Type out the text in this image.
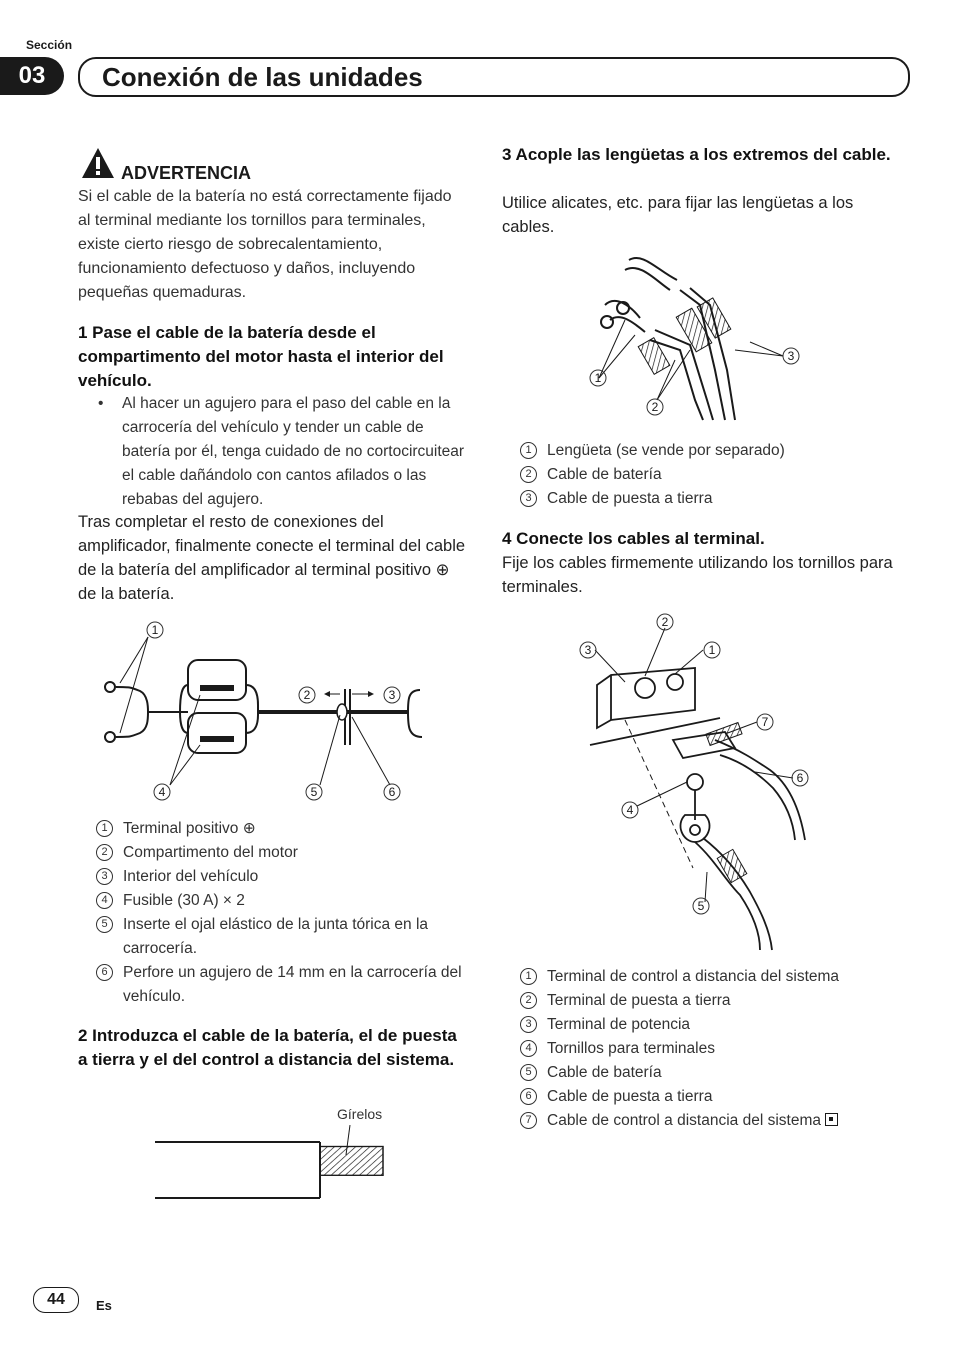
Sección
03	Conexión de las unidades
ADVERTENCIA
Si el cable de la batería no está correctamente fijado al terminal mediante los tornillos para terminales, existe cierto riesgo de sobrecalentamiento, funcionamiento defectuoso y daños, incluyendo pequeñas quemaduras.
1 Pase el cable de la batería desde el compartimento del motor hasta el interior del vehículo.
•	Al hacer un agujero para el paso del cable en la carrocería del vehículo y tender un cable de batería por él, tenga cuidado de no cortocircuitear el cable dañándolo con cantos afilados o las rebabas del agujero.
Tras completar el resto de conexiones del amplificador, finalmente conecte el terminal del cable de la batería del amplificador al terminal positivo ⊕ de la batería.
1
2	3
4	5	6
1 Terminal positivo ⊕
2 Compartimento del motor
3 Interior del vehículo
4 Fusible (30 A) × 2
5 Inserte el ojal elástico de la junta tórica en la carrocería.
6 Perfore un agujero de 14 mm en la carrocería del vehículo.
2 Introduzca el cable de la batería, el de puesta a tierra y el del control a distancia del sistema.
Gírelos
3 Acople las lengüetas a los extremos del cable.
Utilice alicates, etc. para fijar las lengüetas a los cables.
1
2
3
1 Lengüeta (se vende por separado)
2 Cable de batería
3 Cable de puesta a tierra
4 Conecte los cables al terminal.
Fije los cables firmemente utilizando los tornillos para terminales.
1
2
3
4
5
6
7
1 Terminal de control a distancia del sistema
2 Terminal de puesta a tierra
3 Terminal de potencia
4 Tornillos para terminales
5 Cable de batería
6 Cable de puesta a tierra
7 Cable de control a distancia del sistema
44	Es
